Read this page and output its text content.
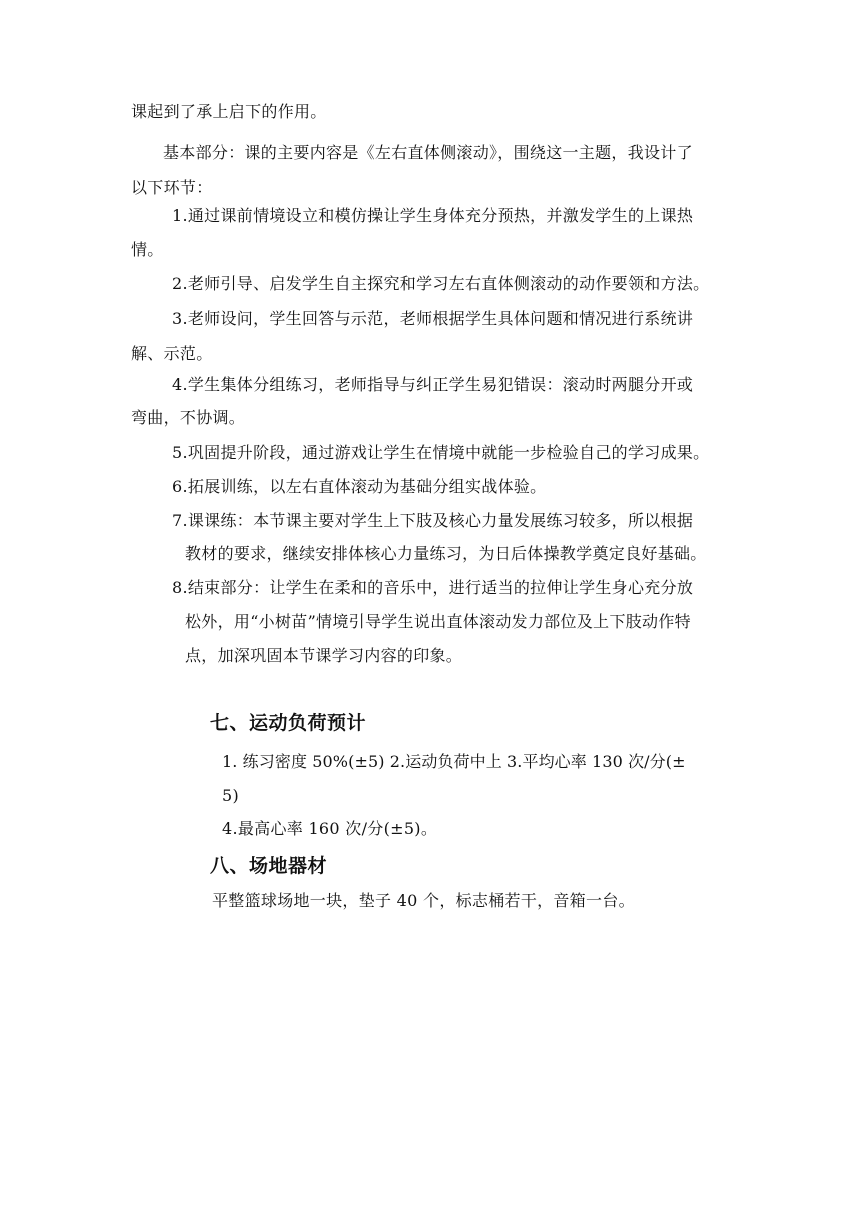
课起到了承上启下的作用。
基本部分：课的主要内容是《左右直体侧滚动》，围绕这一主题，我设计了
以下环节：
1.通过课前情境设立和模仿操让学生身体充分预热，并激发学生的上课热
情。
2.老师引导、启发学生自主探究和学习左右直体侧滚动的动作要领和方法。
3.老师设问，学生回答与示范，老师根据学生具体问题和情况进行系统讲
解、示范。
4.学生集体分组练习，老师指导与纠正学生易犯错误：滚动时两腿分开或
弯曲，不协调。
5.巩固提升阶段，通过游戏让学生在情境中就能一步检验自己的学习成果。
6.拓展训练，以左右直体滚动为基础分组实战体验。
7.课课练：本节课主要对学生上下肢及核心力量发展练习较多，所以根据
教材的要求，继续安排体核心力量练习，为日后体操教学奠定良好基础。
8.结束部分：让学生在柔和的音乐中，进行适当的拉伸让学生身心充分放
松外，用“小树苗”情境引导学生说出直体滚动发力部位及上下肢动作特
点，加深巩固本节课学习内容的印象。
七、运动负荷预计
1. 练习密度 50%(±5) 2.运动负荷中上 3.平均心率 130 次/分(±
5)
4.最高心率 160 次/分(±5)。
八、场地器材
平整篮球场地一块，垫子 40 个，标志桶若干，音箱一台。
